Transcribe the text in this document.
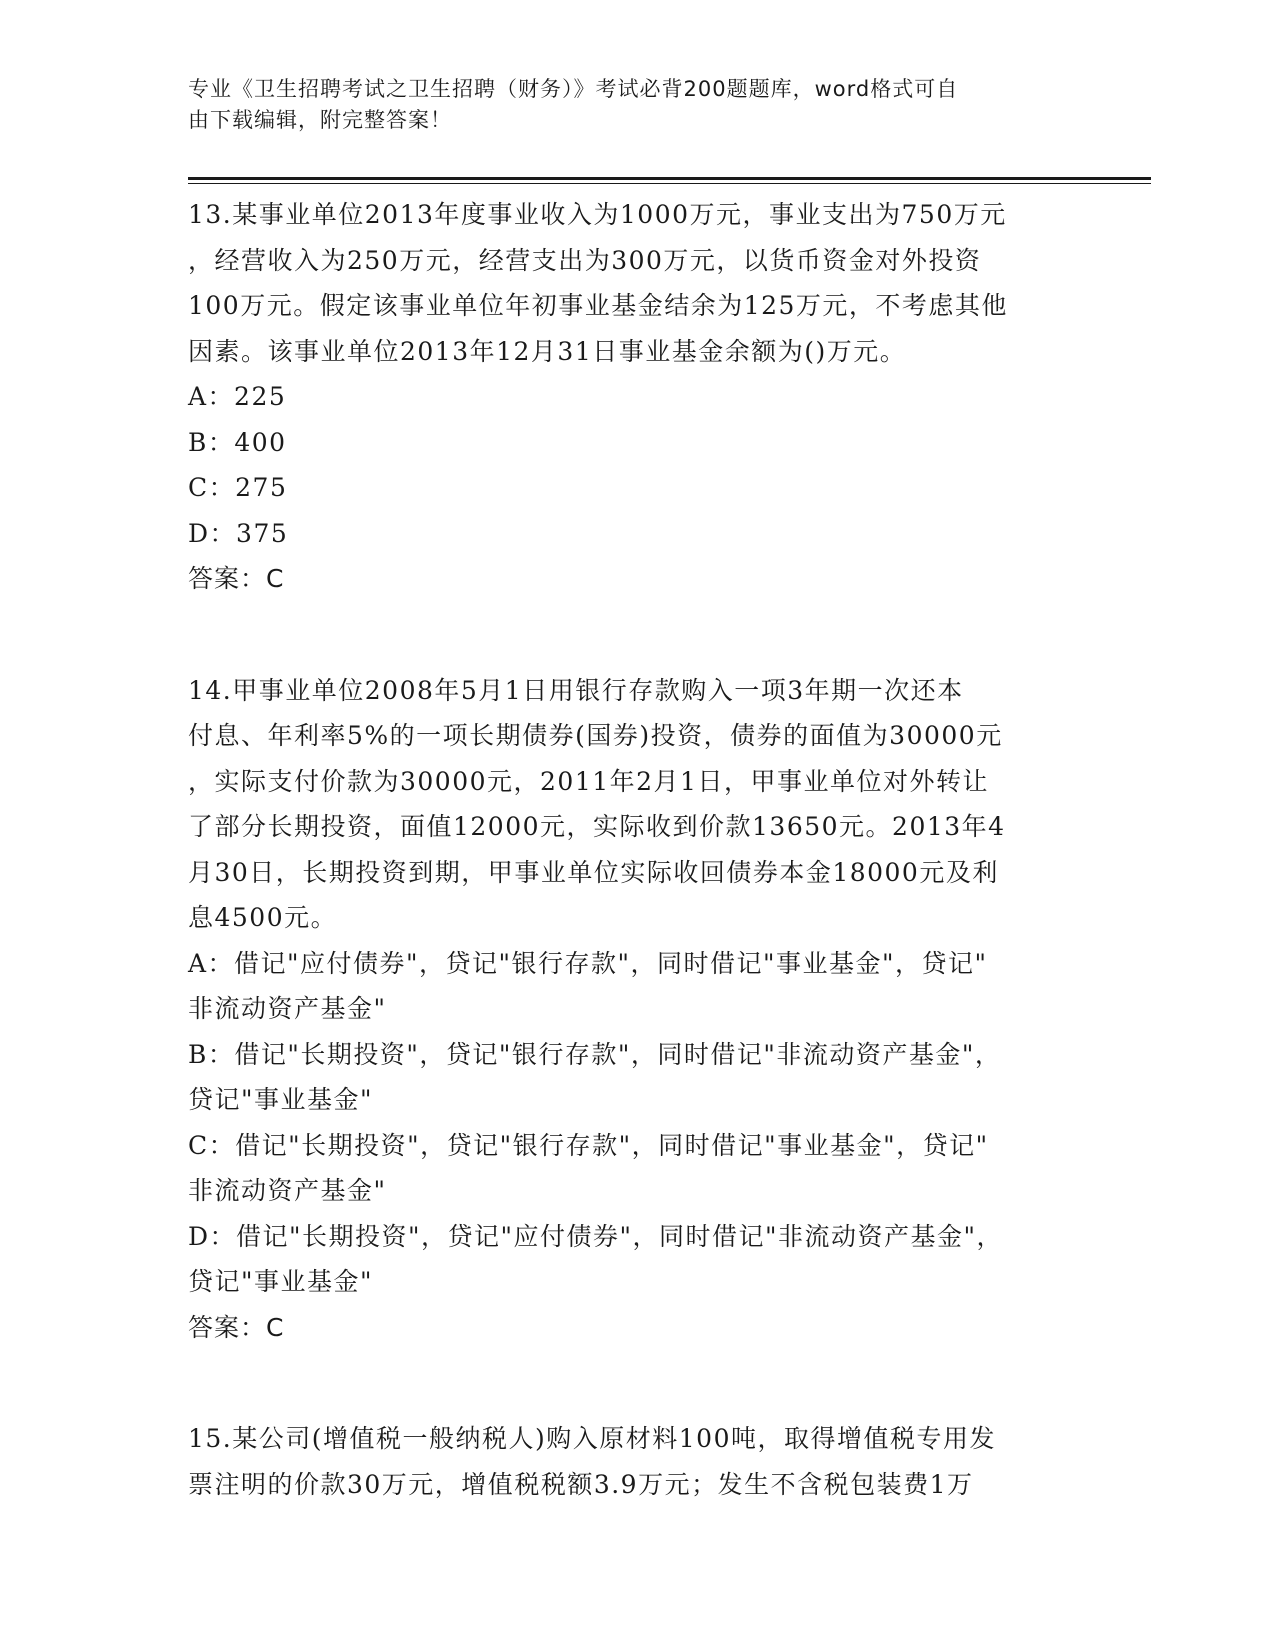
专业《卫生招聘考试之卫生招聘（财务）》考试必背200题题库，word格式可自
由下载编辑，附完整答案！
13.某事业单位2013年度事业收入为1000万元，事业支出为750万元
，经营收入为250万元，经营支出为300万元，以货币资金对外投资
100万元。假定该事业单位年初事业基金结余为125万元，不考虑其他
因素。该事业单位2013年12月31日事业基金余额为()万元。
A：225
B：400
C：275
D：375
答案：C
14.甲事业单位2008年5月1日用银行存款购入一项3年期一次还本
付息、年利率5%的一项长期债券(国券)投资，债券的面值为30000元
，实际支付价款为30000元，2011年2月1日，甲事业单位对外转让
了部分长期投资，面值12000元，实际收到价款13650元。2013年4
月30日，长期投资到期，甲事业单位实际收回债券本金18000元及利
息4500元。
A：借记"应付债券"，贷记"银行存款"，同时借记"事业基金"，贷记"
非流动资产基金"
B：借记"长期投资"，贷记"银行存款"，同时借记"非流动资产基金"，
贷记"事业基金"
C：借记"长期投资"，贷记"银行存款"，同时借记"事业基金"，贷记"
非流动资产基金"
D：借记"长期投资"，贷记"应付债券"，同时借记"非流动资产基金"，
贷记"事业基金"
答案：C
15.某公司(增值税一般纳税人)购入原材料100吨，取得增值税专用发
票注明的价款30万元，增值税税额3.9万元；发生不含税包装费1万
